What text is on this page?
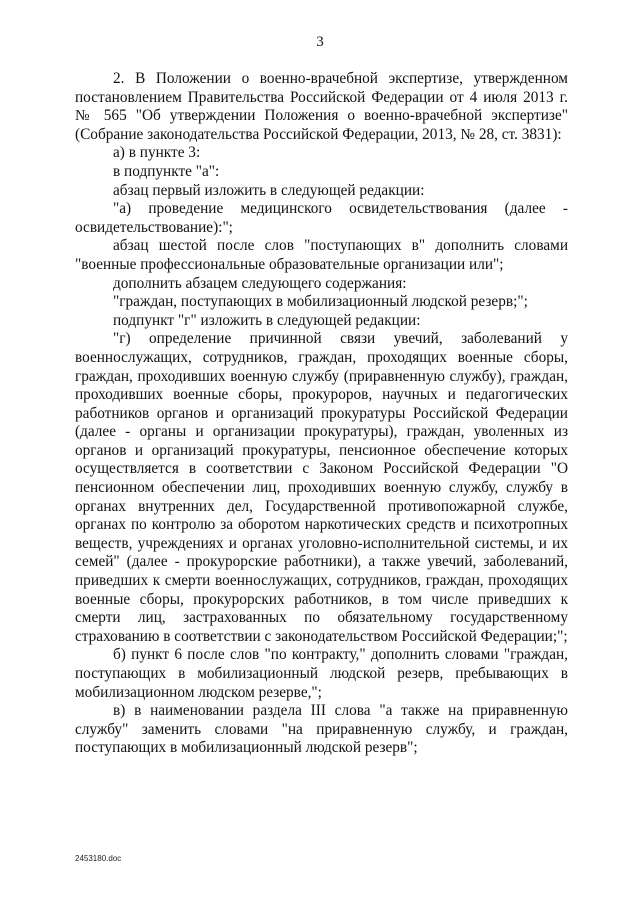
3

2. В Положении о военно-врачебной экспертизе, утвержденном постановлением Правительства Российской Федерации от 4 июля 2013 г. № 565 "Об утверждении Положения о военно-врачебной экспертизе" (Собрание законодательства Российской Федерации, 2013, № 28, ст. 3831):

а) в пункте 3:

в подпункте "а":

абзац первый изложить в следующей редакции:

"а) проведение медицинского освидетельствования (далее - освидетельствование):";

абзац шестой после слов "поступающих в" дополнить словами "военные профессиональные образовательные организации или";

дополнить абзацем следующего содержания:

"граждан, поступающих в мобилизационный людской резерв;";

подпункт "г" изложить в следующей редакции:

"г) определение причинной связи увечий, заболеваний у военнослужащих, сотрудников, граждан, проходящих военные сборы, граждан, проходивших военную службу (приравненную службу), граждан, проходивших военные сборы, прокуроров, научных и педагогических работников органов и организаций прокуратуры Российской Федерации (далее - органы и организации прокуратуры), граждан, уволенных из органов и организаций прокуратуры, пенсионное обеспечение которых осуществляется в соответствии с Законом Российской Федерации "О пенсионном обеспечении лиц, проходивших военную службу, службу в органах внутренних дел, Государственной противопожарной службе, органах по контролю за оборотом наркотических средств и психотропных веществ, учреждениях и органах уголовно-исполнительной системы, и их семей" (далее - прокурорские работники), а также увечий, заболеваний, приведших к смерти военнослужащих, сотрудников, граждан, проходящих военные сборы, прокурорских работников, в том числе приведших к смерти лиц, застрахованных по обязательному государственному страхованию в соответствии с законодательством Российской Федерации;";

б) пункт 6 после слов "по контракту," дополнить словами "граждан, поступающих в мобилизационный людской резерв, пребывающих в мобилизационном людском резерве,";

в) в наименовании раздела III слова "а также на приравненную службу" заменить словами "на приравненную службу, и граждан, поступающих в мобилизационный людской резерв";

2453180.doc
